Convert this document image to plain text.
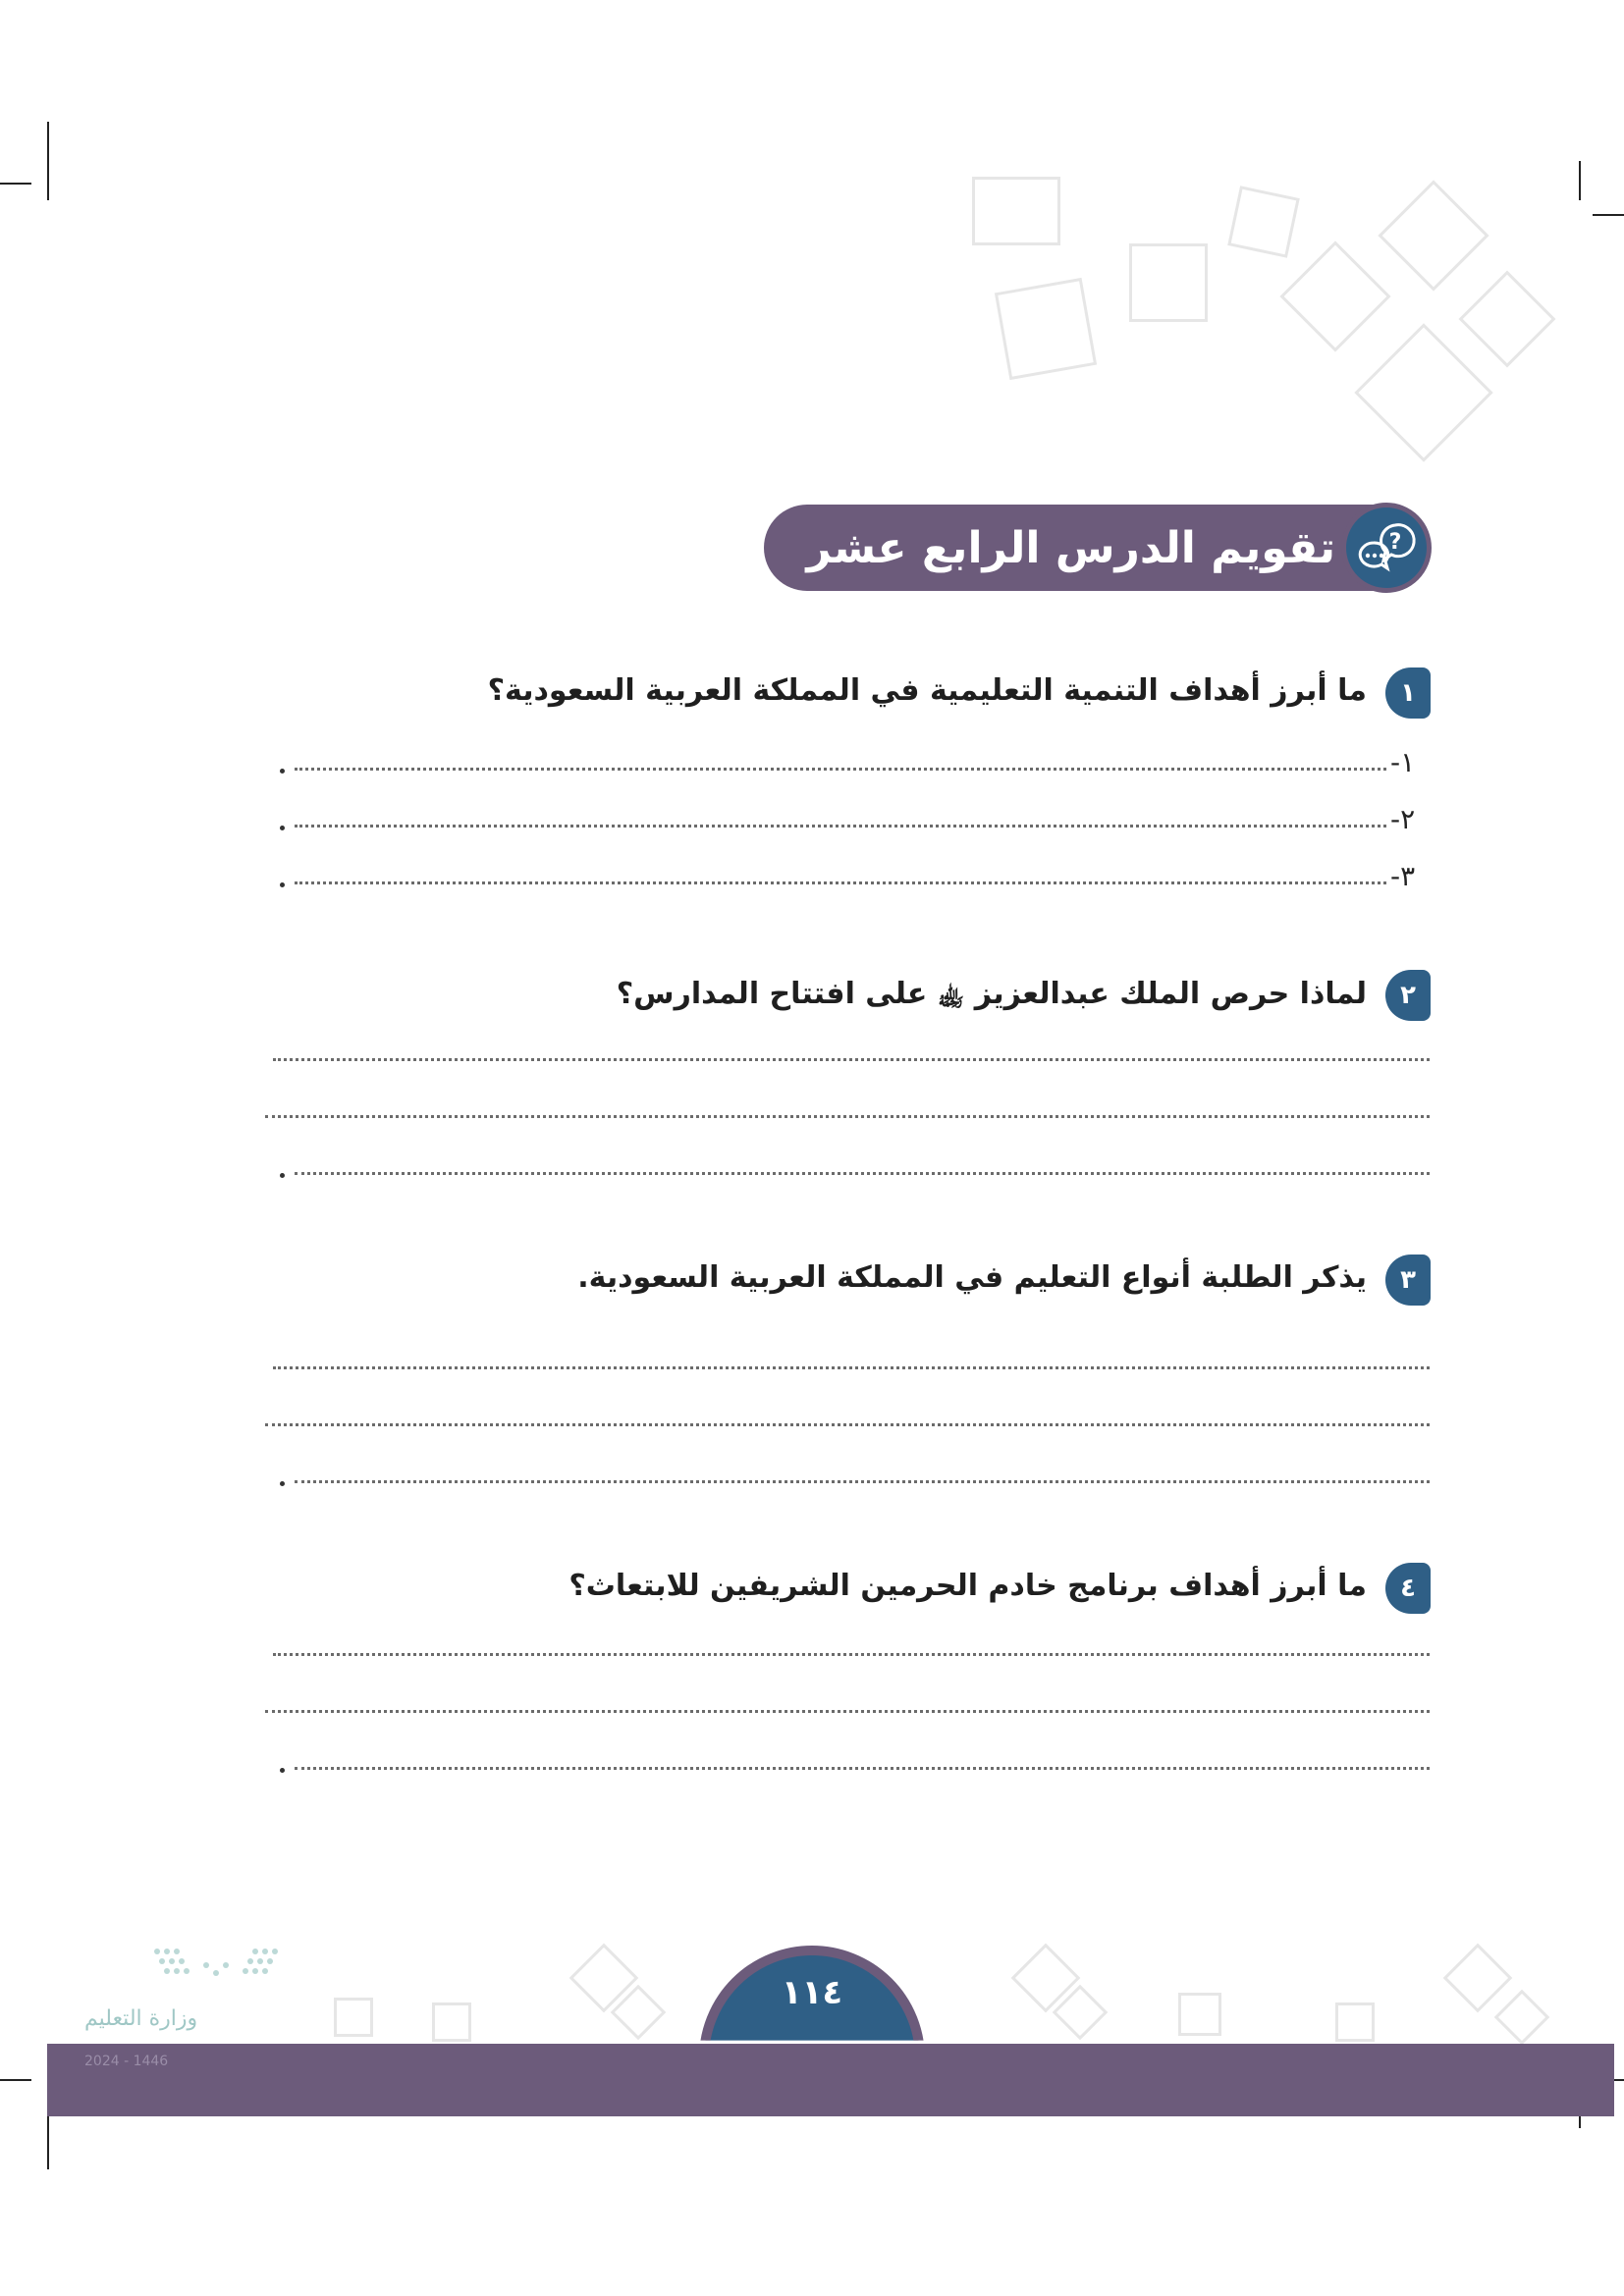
تقويم الدرس الرابع عشر ?
١
ما أبرز أهداف التنمية التعليمية في المملكة العربية السعودية؟
١-
٢-
٣-
٢
لماذا حرص الملك عبدالعزيز ﵀ على افتتاح المدارس؟
٣
يذكر الطلبة أنواع التعليم في المملكة العربية السعودية.
٤
ما أبرز أهداف برنامج خادم الحرمين الشريفين للابتعاث؟
١١٤
وزارة التعليم
2024 - 1446
